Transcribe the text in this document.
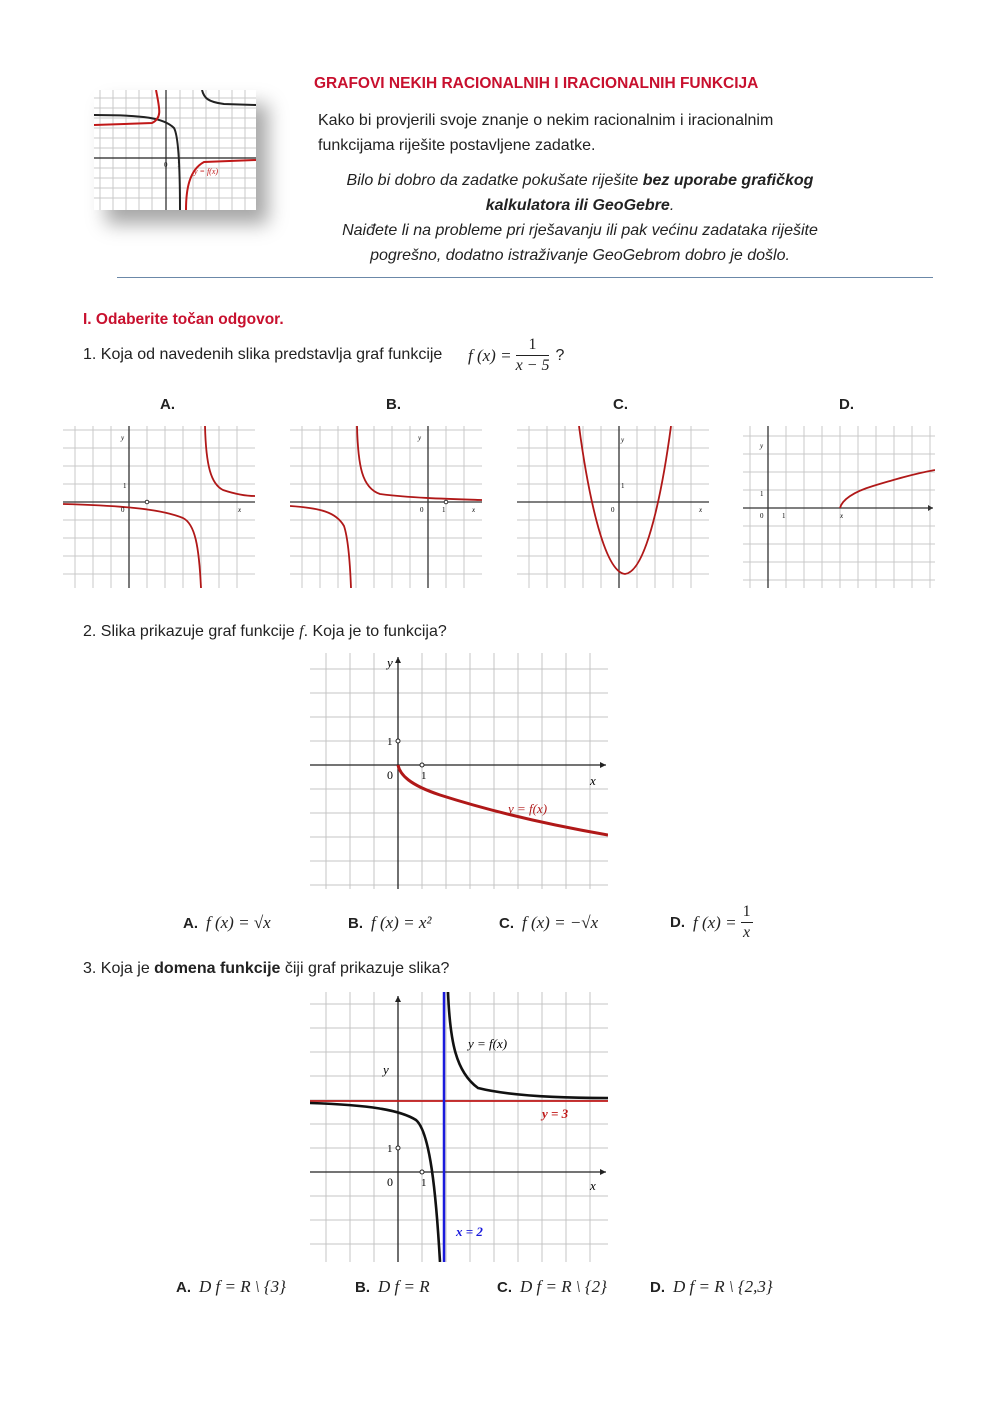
0 1
y = f(x)
GRAFOVI NEKIH RACIONALNIH I IRACIONALNIH FUNKCIJA
Kako bi provjerili svoje znanje o nekim racionalnim i iracionalnim funkcijama riješite postavljene zadatke.
Bilo bi dobro da zadatke pokušate riješite bez uporabe grafičkog kalkulatora ili GeoGebre.
Naiđete li na probleme pri rješavanju ili pak većinu zadataka riješite pogrešno, dodatno istraživanje GeoGebrom dobro je došlo.
I. Odaberite točan odgovor.
1. Koja od navedenih slika predstavlja graf funkcije f $(x) = \frac{1}{x - 5}$ ?
A.	B.	C.	D.
0
1
y
x	0	1
y
x	0
1
y
x
0	1
1
y
x
2. Slika prikazuje graf funkcije f. Koja je to funkcija?
y
1
0	1	x
y = f(x)
A. f (x) = √x	B. f (x) = x²	C. f (x) = −√x	D. f $(x) = \frac{1}{x}$
3. Koja je domena funkcije čiji graf prikazuje slika?
y = f(x)
y
y = 3
1
0	1	x
x = 2
A. D f = R \ {3}	B. D f = R	C. D f = R \ {2}	D. D f = R \ {2,3}
